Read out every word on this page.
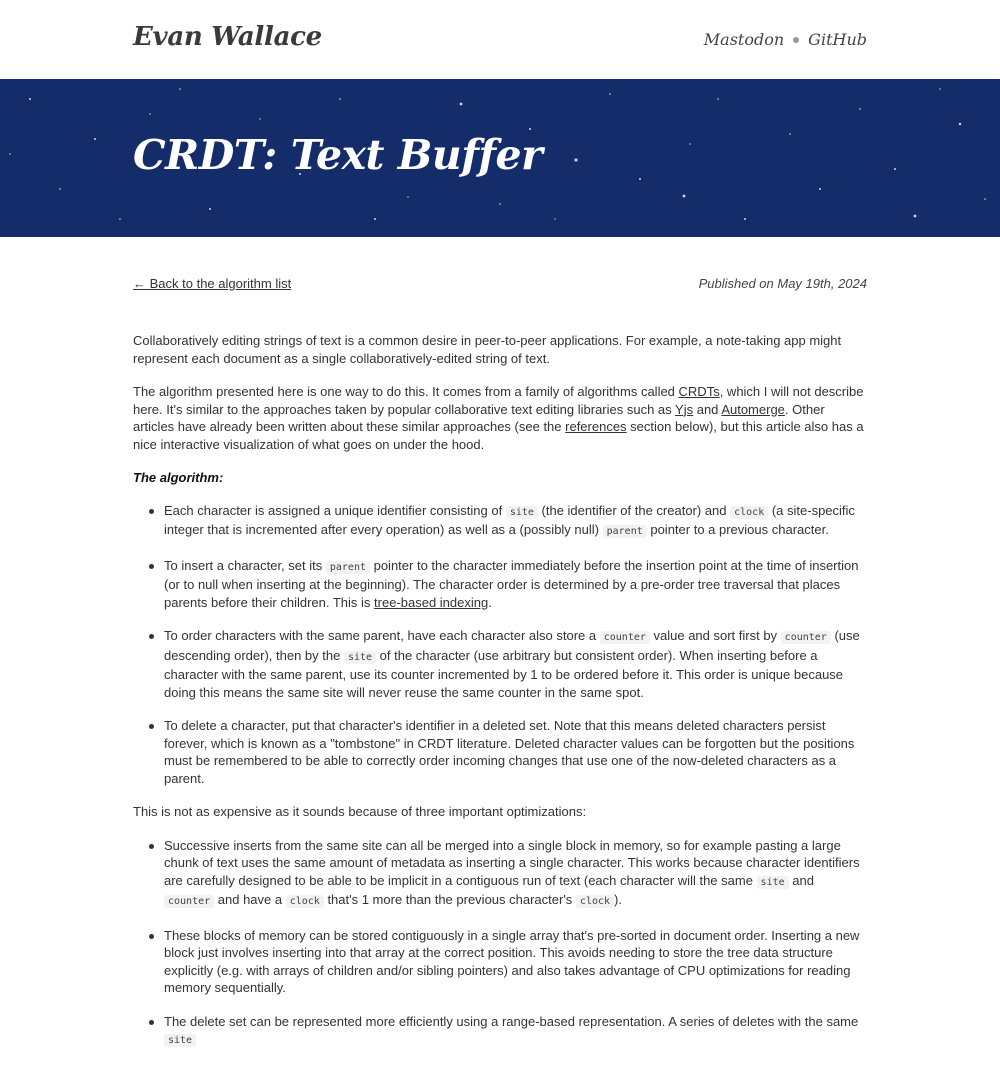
Evan Wallace	Mastodon GitHub
CRDT: Text Buffer
← Back to the algorithm list	Published on May 19th, 2024

Collaboratively editing strings of text is a common desire in peer-to-peer applications. For example, a note-taking app might represent each document as a single collaboratively-edited string of text.

The algorithm presented here is one way to do this. It comes from a family of algorithms called CRDTs, which I will not describe here. It's similar to the approaches taken by popular collaborative text editing libraries such as Yjs and Automerge. Other articles have already been written about these similar approaches (see the references section below), but this article also has a nice interactive visualization of what goes on under the hood.

The algorithm:
Each character is assigned a unique identifier consisting of site (the identifier of the creator) and clock (a site-specific integer that is incremented after every operation) as well as a (possibly null) parent pointer to a previous character.
To insert a character, set its parent pointer to the character immediately before the insertion point at the time of insertion (or to null when inserting at the beginning). The character order is determined by a pre-order tree traversal that places parents before their children. This is tree-based indexing.
To order characters with the same parent, have each character also store a counter value and sort first by counter (use descending order), then by the site of the character (use arbitrary but consistent order). When inserting before a character with the same parent, use its counter incremented by 1 to be ordered before it. This order is unique because doing this means the same site will never reuse the same counter in the same spot.
To delete a character, put that character's identifier in a deleted set. Note that this means deleted characters persist forever, which is known as a "tombstone" in CRDT literature. Deleted character values can be forgotten but the positions must be remembered to be able to correctly order incoming changes that use one of the now-deleted characters as a parent.

This is not as expensive as it sounds because of three important optimizations:

Successive inserts from the same site can all be merged into a single block in memory, so for example pasting a large chunk of text uses the same amount of metadata as inserting a single character. This works because character identifiers are carefully designed to be able to be implicit in a contiguous run of text (each character will the same site and counter and have a clock that's 1 more than the previous character's clock ).
These blocks of memory can be stored contiguously in a single array that's pre-sorted in document order. Inserting a new block just involves inserting into that array at the correct position. This avoids needing to store the tree data structure explicitly (e.g. with arrays of children and/or sibling pointers) and also takes advantage of CPU optimizations for reading memory sequentially.
The delete set can be represented more efficiently using a range-based representation. A series of deletes with the same site
